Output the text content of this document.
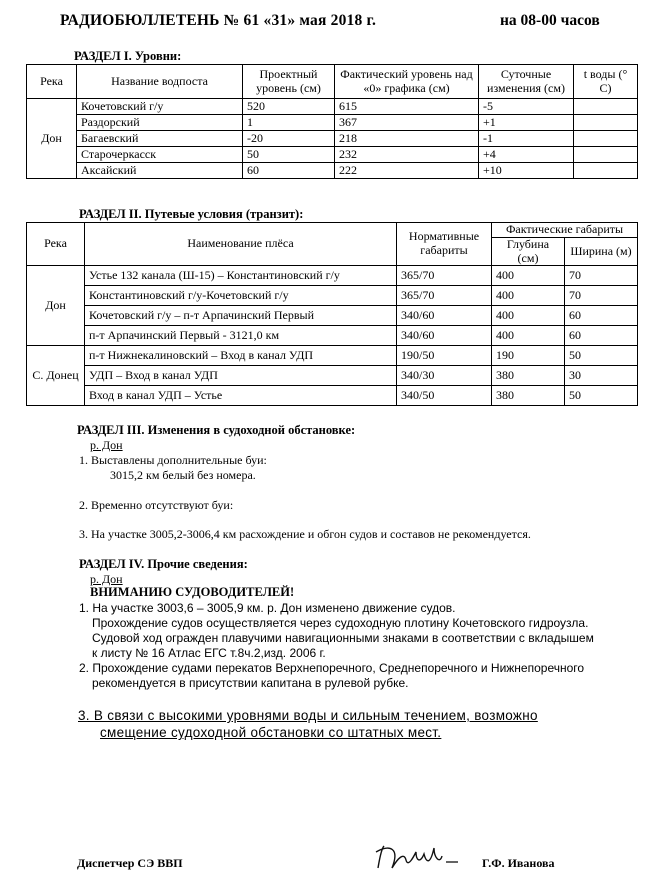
РАДИОБЮЛЛЕТЕНЬ № 61 «31» мая 2018 г.	на 08-00 часов
РАЗДЕЛ I. Уровни:
Река	Название водпоста	Проектный уровень (см)	Фактический уровень над «0» графика (см)	Суточные изменения (см)	t воды (° С)
Дон	Кочетовский г/у	520	615	-5	
	Раздорский	1	367	+1	
	Багаевский	-20	218	-1	
	Старочеркасск	50	232	+4	
	Аксайский	60	222	+10	
РАЗДЕЛ II. Путевые условия (транзит):
Река	Наименование плёса	Нормативные габариты	Фактические габариты	
			Глубина (см)	Ширина (м)
Дон	Устье 132 канала (Ш-15) – Константиновский г/у	365/70	400	70
	Константиновский г/у-Кочетовский г/у	365/70	400	70
	Кочетовский г/у – п-т Арпачинский Первый	340/60	400	60
	п-т Арпачинский Первый - 3121,0 км	340/60	400	60
С. Донец	п-т Нижнекалиновский – Вход в канал УДП	190/50	190	50
	УДП – Вход в канал УДП	340/30	380	30
	Вход в канал УДП – Устье	340/50	380	50
РАЗДЕЛ III. Изменения в судоходной обстановке:
р. Дон
1. Выставлены дополнительные буи:
3015,2 км белый без номера.
2. Временно отсутствуют буи:
3. На участке 3005,2-3006,4 км расхождение и обгон судов и составов не рекомендуется.
РАЗДЕЛ IV. Прочие сведения:
р. Дон
ВНИМАНИЮ СУДОВОДИТЕЛЕЙ!
1. На участке 3003,6 – 3005,9 км. р. Дон изменено движение судов.
Прохождение судов осуществляется через судоходную плотину Кочетовского гидроузла.
Судовой ход огражден плавучими навигационными знаками в соответствии с вкладышем
к листу № 16 Атлас ЕГС т.8ч.2,изд. 2006 г.
2. Прохождение судами перекатов Верхнепоречного, Среднепоречного и Нижнепоречного
рекомендуется в присутствии капитана в рулевой рубке.
3. В связи с высокими уровнями воды и сильным течением, возможно
смещение судоходной обстановки со штатных мест.
Диспетчер СЭ ВВП	Г.Ф. Иванова
